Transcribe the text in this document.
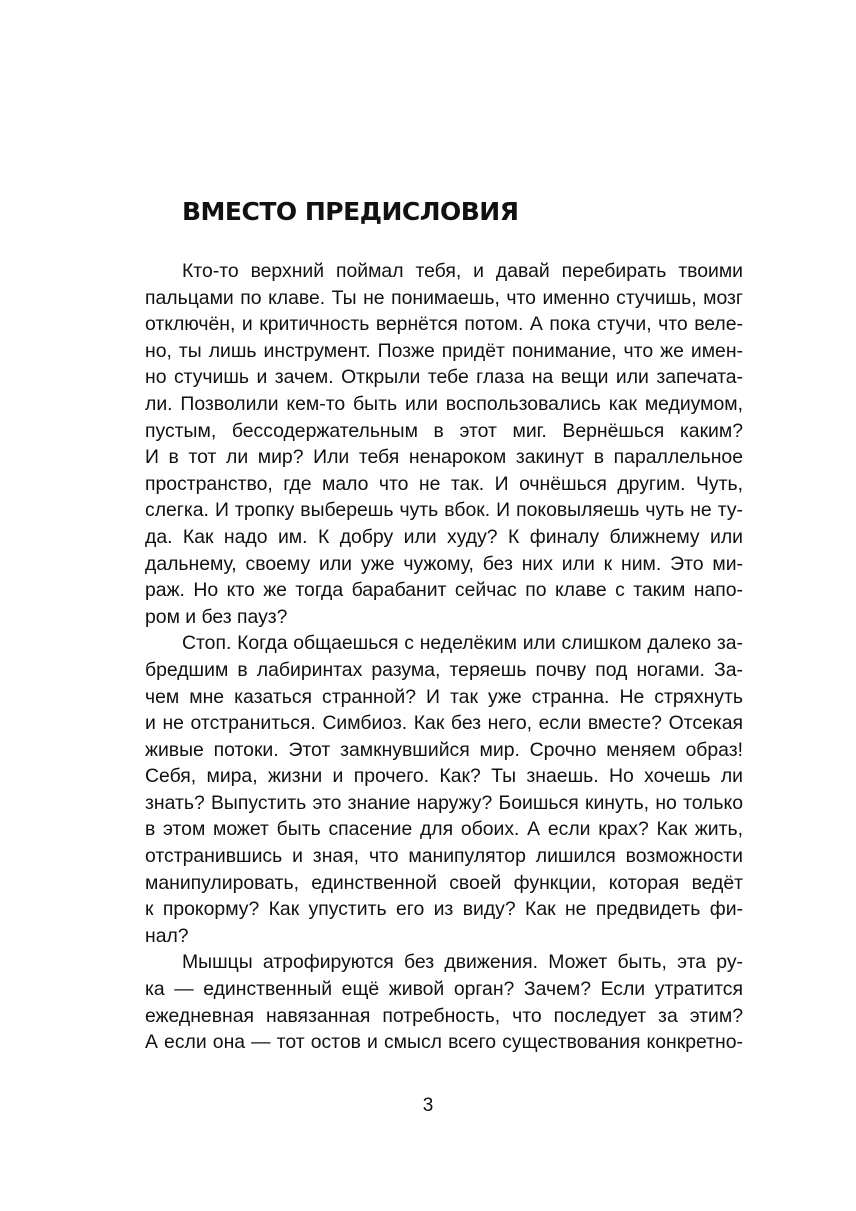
ВМЕСТО ПРЕДИСЛОВИЯ

Кто-то верхний поймал тебя, и давай перебирать твоими
пальцами по клаве. Ты не понимаешь, что именно стучишь, мозг
отключён, и критичность вернётся потом. А пока стучи, что веле-
но, ты лишь инструмент. Позже придёт понимание, что же имен-
но стучишь и зачем. Открыли тебе глаза на вещи или запечата-
ли. Позволили кем-то быть или воспользовались как медиумом,
пустым, бессодержательным в этот миг. Вернёшься каким?
И в тот ли мир? Или тебя ненароком закинут в параллельное
пространство, где мало что не так. И очнёшься другим. Чуть,
слегка. И тропку выберешь чуть вбок. И поковыляешь чуть не ту-
да. Как надо им. К добру или худу? К финалу ближнему или
дальнему, своему или уже чужому, без них или к ним. Это ми-
раж. Но кто же тогда барабанит сейчас по клаве с таким напо-
ром и без пауз?

Стоп. Когда общаешься с неделёким или слишком далеко за-
бредшим в лабиринтах разума, теряешь почву под ногами. За-
чем мне казаться странной? И так уже странна. Не стряхнуть
и не отстраниться. Симбиоз. Как без него, если вместе? Отсекая
живые потоки. Этот замкнувшийся мир. Срочно меняем образ!
Себя, мира, жизни и прочего. Как? Ты знаешь. Но хочешь ли
знать? Выпустить это знание наружу? Боишься кинуть, но только
в этом может быть спасение для обоих. А если крах? Как жить,
отстранившись и зная, что манипулятор лишился возможности
манипулировать, единственной своей функции, которая ведёт
к прокорму? Как упустить его из виду? Как не предвидеть фи-
нал?

Мышцы атрофируются без движения. Может быть, эта ру-
ка — единственный ещё живой орган? Зачем? Если утратится
ежедневная навязанная потребность, что последует за этим?
А если она — тот остов и смысл всего существования конкретно-

3
